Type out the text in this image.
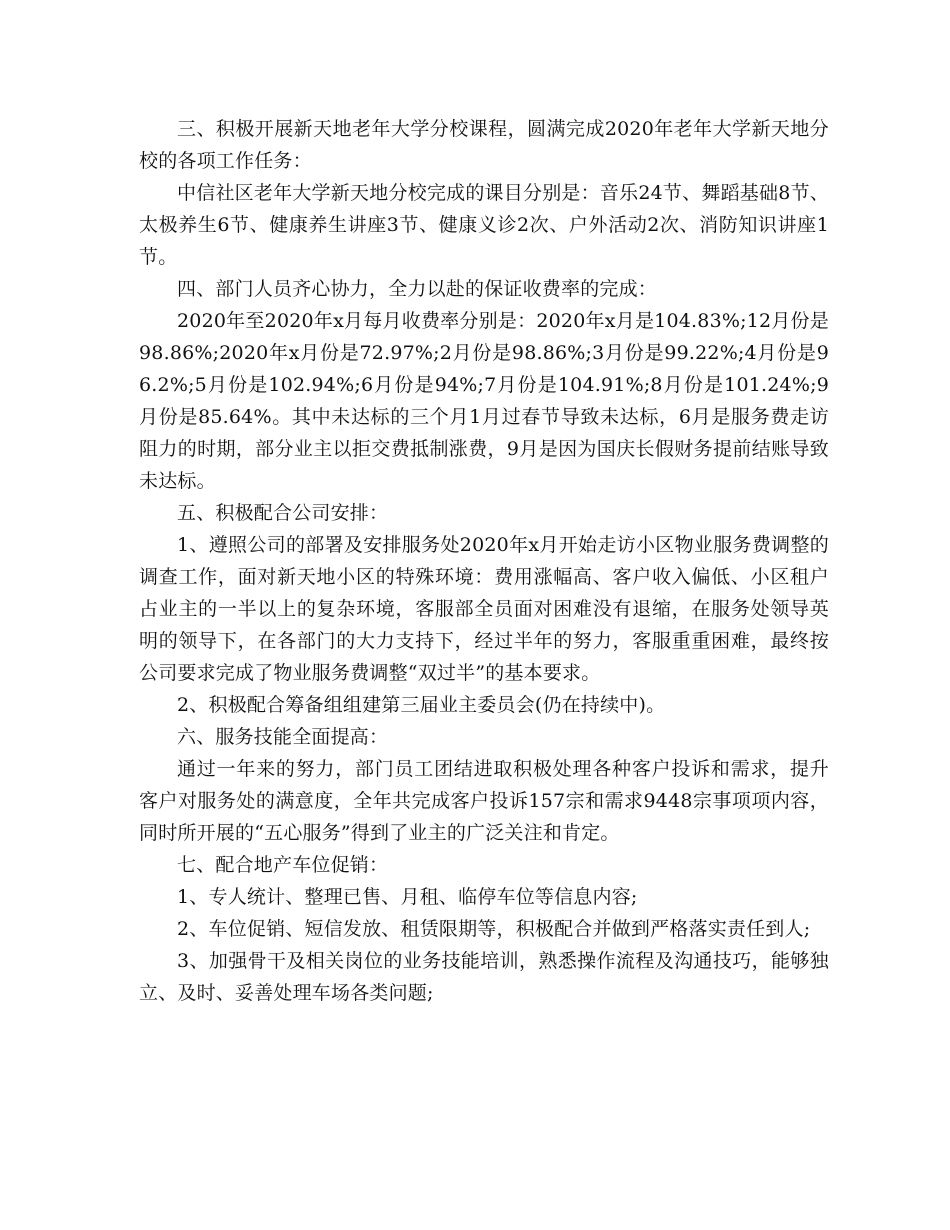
三、积极开展新天地老年大学分校课程，圆满完成2020年老年大学新天地分校的各项工作任务：

中信社区老年大学新天地分校完成的课目分别是：音乐24节、舞蹈基础8节、太极养生6节、健康养生讲座3节、健康义诊2次、户外活动2次、消防知识讲座1节。

四、部门人员齐心协力，全力以赴的保证收费率的完成：

2020年至2020年x月每月收费率分别是：2020年x月是104.83%;12月份是98.86%;2020年x月份是72.97%;2月份是98.86%;3月份是99.22%;4月份是96.2%;5月份是102.94%;6月份是94%;7月份是104.91%;8月份是101.24%;9月份是85.64%。其中未达标的三个月1月过春节导致未达标，6月是服务费走访阻力的时期，部分业主以拒交费抵制涨费，9月是因为国庆长假财务提前结账导致未达标。

五、积极配合公司安排：

1、遵照公司的部署及安排服务处2020年x月开始走访小区物业服务费调整的调查工作，面对新天地小区的特殊环境：费用涨幅高、客户收入偏低、小区租户占业主的一半以上的复杂环境，客服部全员面对困难没有退缩，在服务处领导英明的领导下，在各部门的大力支持下，经过半年的努力，客服重重困难，最终按公司要求完成了物业服务费调整“双过半”的基本要求。

2、积极配合筹备组组建第三届业主委员会(仍在持续中)。

六、服务技能全面提高：

通过一年来的努力，部门员工团结进取积极处理各种客户投诉和需求，提升客户对服务处的满意度，全年共完成客户投诉157宗和需求9448宗事项项内容，同时所开展的“五心服务”得到了业主的广泛关注和肯定。

七、配合地产车位促销：

1、专人统计、整理已售、月租、临停车位等信息内容;

2、车位促销、短信发放、租赁限期等，积极配合并做到严格落实责任到人;

3、加强骨干及相关岗位的业务技能培训，熟悉操作流程及沟通技巧，能够独立、及时、妥善处理车场各类问题;
